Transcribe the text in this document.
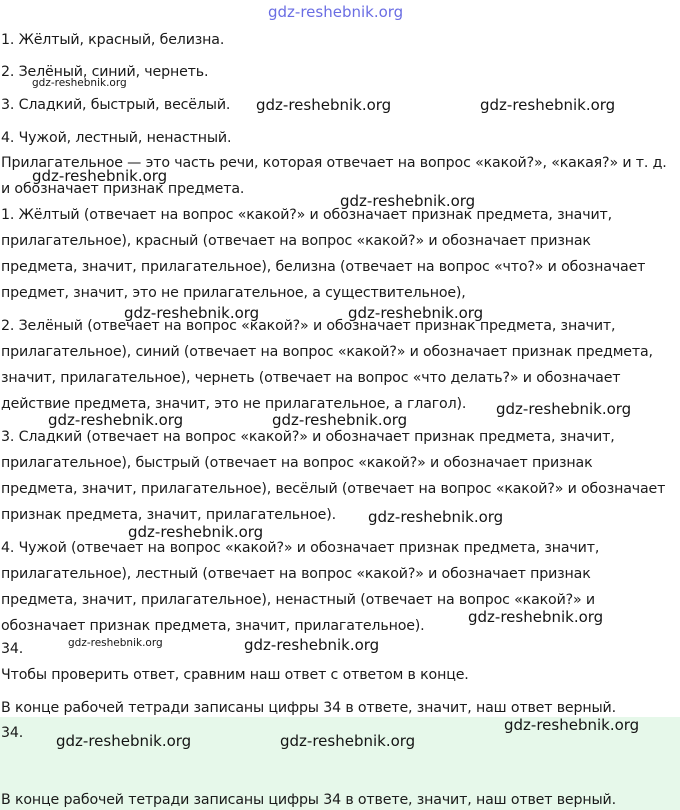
gdz-reshebnik.org
1. Жёлтый, красный, белизна.
2. Зелёный, синий, чернеть.
3. Сладкий, быстрый, весёлый.
4. Чужой, лестный, ненастный.
Прилагательное — это часть речи, которая отвечает на вопрос «какой?», «какая?» и т. д.
и обозначает признак предмета.
1. Жёлтый (отвечает на вопрос «какой?» и обозначает признак предмета, значит,
прилагательное), красный (отвечает на вопрос «какой?» и обозначает признак
предмета, значит, прилагательное), белизна (отвечает на вопрос «что?» и обозначает
предмет, значит, это не прилагательное, а существительное),
2. Зелёный (отвечает на вопрос «какой?» и обозначает признак предмета, значит,
прилагательное), синий (отвечает на вопрос «какой?» и обозначает признак предмета,
значит, прилагательное), чернеть (отвечает на вопрос «что делать?» и обозначает
действие предмета, значит, это не прилагательное, а глагол).
3. Сладкий (отвечает на вопрос «какой?» и обозначает признак предмета, значит,
прилагательное), быстрый (отвечает на вопрос «какой?» и обозначает признак
предмета, значит, прилагательное), весёлый (отвечает на вопрос «какой?» и обозначает
признак предмета, значит, прилагательное).
4. Чужой (отвечает на вопрос «какой?» и обозначает признак предмета, значит,
прилагательное), лестный (отвечает на вопрос «какой?» и обозначает признак
предмета, значит, прилагательное), ненастный (отвечает на вопрос «какой?» и
обозначает признак предмета, значит, прилагательное).
34.
Чтобы проверить ответ, сравним наш ответ с ответом в конце.
В конце рабочей тетради записаны цифры 34 в ответе, значит, наш ответ верный.
34.
В конце рабочей тетради записаны цифры 34 в ответе, значит, наш ответ верный.
gdz-reshebnik.org
gdz-reshebnik.org	gdz-reshebnik.org
gdz-reshebnik.org
gdz-reshebnik.org
gdz-reshebnik.org	gdz-reshebnik.org
gdz-reshebnik.org
gdz-reshebnik.org	gdz-reshebnik.org
gdz-reshebnik.org
gdz-reshebnik.org
gdz-reshebnik.org
gdz-reshebnik.org	gdz-reshebnik.org
gdz-reshebnik.org
gdz-reshebnik.org	gdz-reshebnik.org
